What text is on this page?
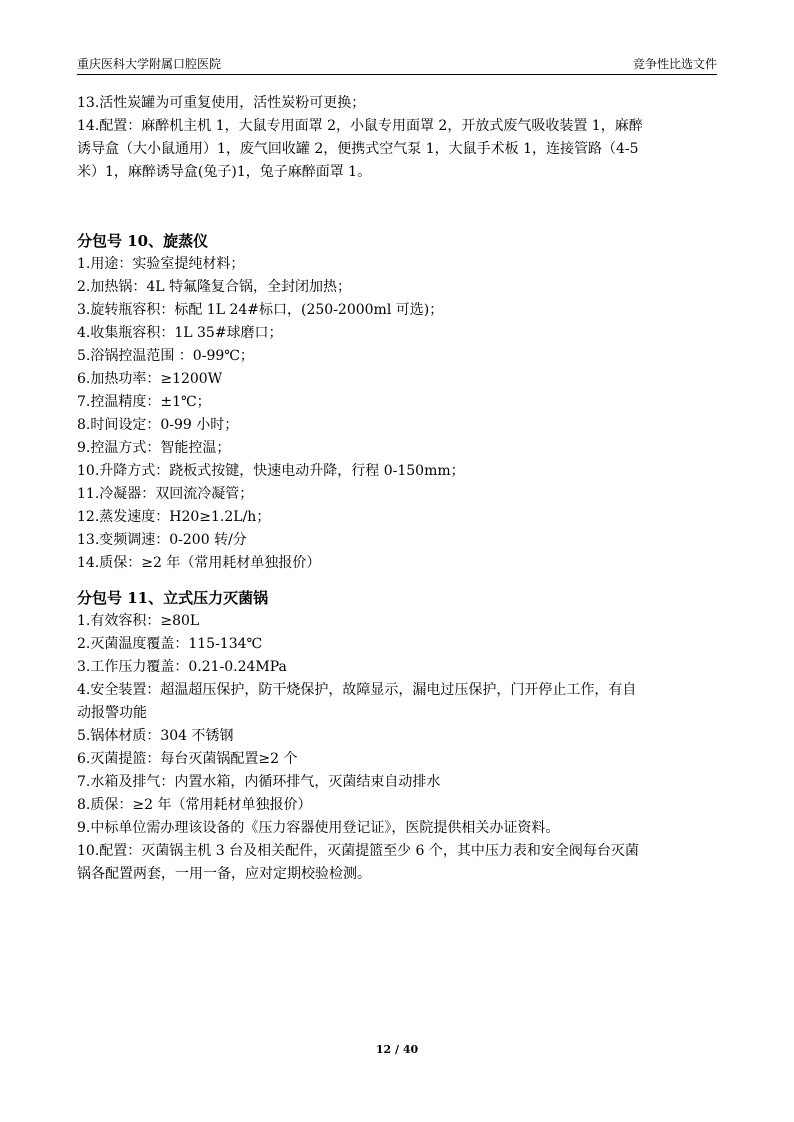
重庆医科大学附属口腔医院	竞争性比选文件
13.活性炭罐为可重复使用，活性炭粉可更换；
14.配置：麻醉机主机 1，大鼠专用面罩 2，小鼠专用面罩 2，开放式废气吸收装置 1，麻醉
诱导盒（大小鼠通用）1，废气回收罐 2，便携式空气泵 1，大鼠手术板 1，连接管路（4-5
米）1，麻醉诱导盒(兔子)1，兔子麻醉面罩 1。
分包号 10、旋蒸仪
1.用途：实验室提纯材料；
2.加热锅：4L 特氟隆复合锅，全封闭加热；
3.旋转瓶容积：标配 1L 24#标口，(250-2000ml 可选)；
4.收集瓶容积：1L 35#球磨口；
5.浴锅控温范围 ：0-99℃；
6.加热功率：≥1200W
7.控温精度：±1℃；
8.时间设定：0-99 小时；
9.控温方式：智能控温；
10.升降方式：跷板式按键，快速电动升降，行程 0-150mm；
11.冷凝器：双回流冷凝管；
12.蒸发速度：H20≥1.2L/h；
13.变频调速：0-200 转/分
14.质保：≥2 年（常用耗材单独报价）
分包号 11、立式压力灭菌锅
1.有效容积：≥80L
2.灭菌温度覆盖：115-134℃
3.工作压力覆盖：0.21-0.24MPa
4.安全装置：超温超压保护，防干烧保护，故障显示，漏电过压保护，门开停止工作，有自
动报警功能
5.锅体材质：304 不锈钢
6.灭菌提篮：每台灭菌锅配置≥2 个
7.水箱及排气：内置水箱，内循环排气，灭菌结束自动排水
8.质保：≥2 年（常用耗材单独报价）
9.中标单位需办理该设备的《压力容器使用登记证》，医院提供相关办证资料。
10.配置：灭菌锅主机 3 台及相关配件，灭菌提篮至少 6 个，其中压力表和安全阀每台灭菌
锅各配置两套，一用一备，应对定期校验检测。
12 / 40
